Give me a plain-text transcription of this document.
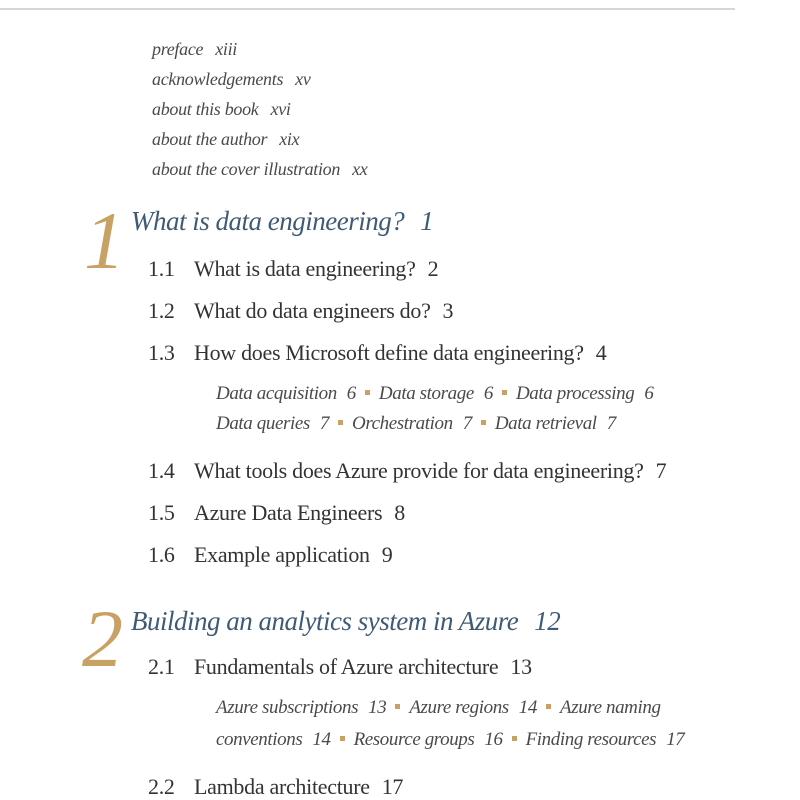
preface xiii
acknowledgements xv
about this book xvi
about the author xix
about the cover illustration xx
1 What is data engineering? 1
1.1 What is data engineering? 2
1.2 What do data engineers do? 3
1.3 How does Microsoft define data engineering? 4
Data acquisition 6 Data storage 6 Data processing 6
Data queries 7 Orchestration 7 Data retrieval 7
1.4 What tools does Azure provide for data engineering? 7
1.5 Azure Data Engineers 8
1.6 Example application 9
2 Building an analytics system in Azure 12
2.1 Fundamentals of Azure architecture 13
Azure subscriptions 13 Azure regions 14 Azure naming
conventions 14 Resource groups 16 Finding resources 17
2.2 Lambda architecture 17
